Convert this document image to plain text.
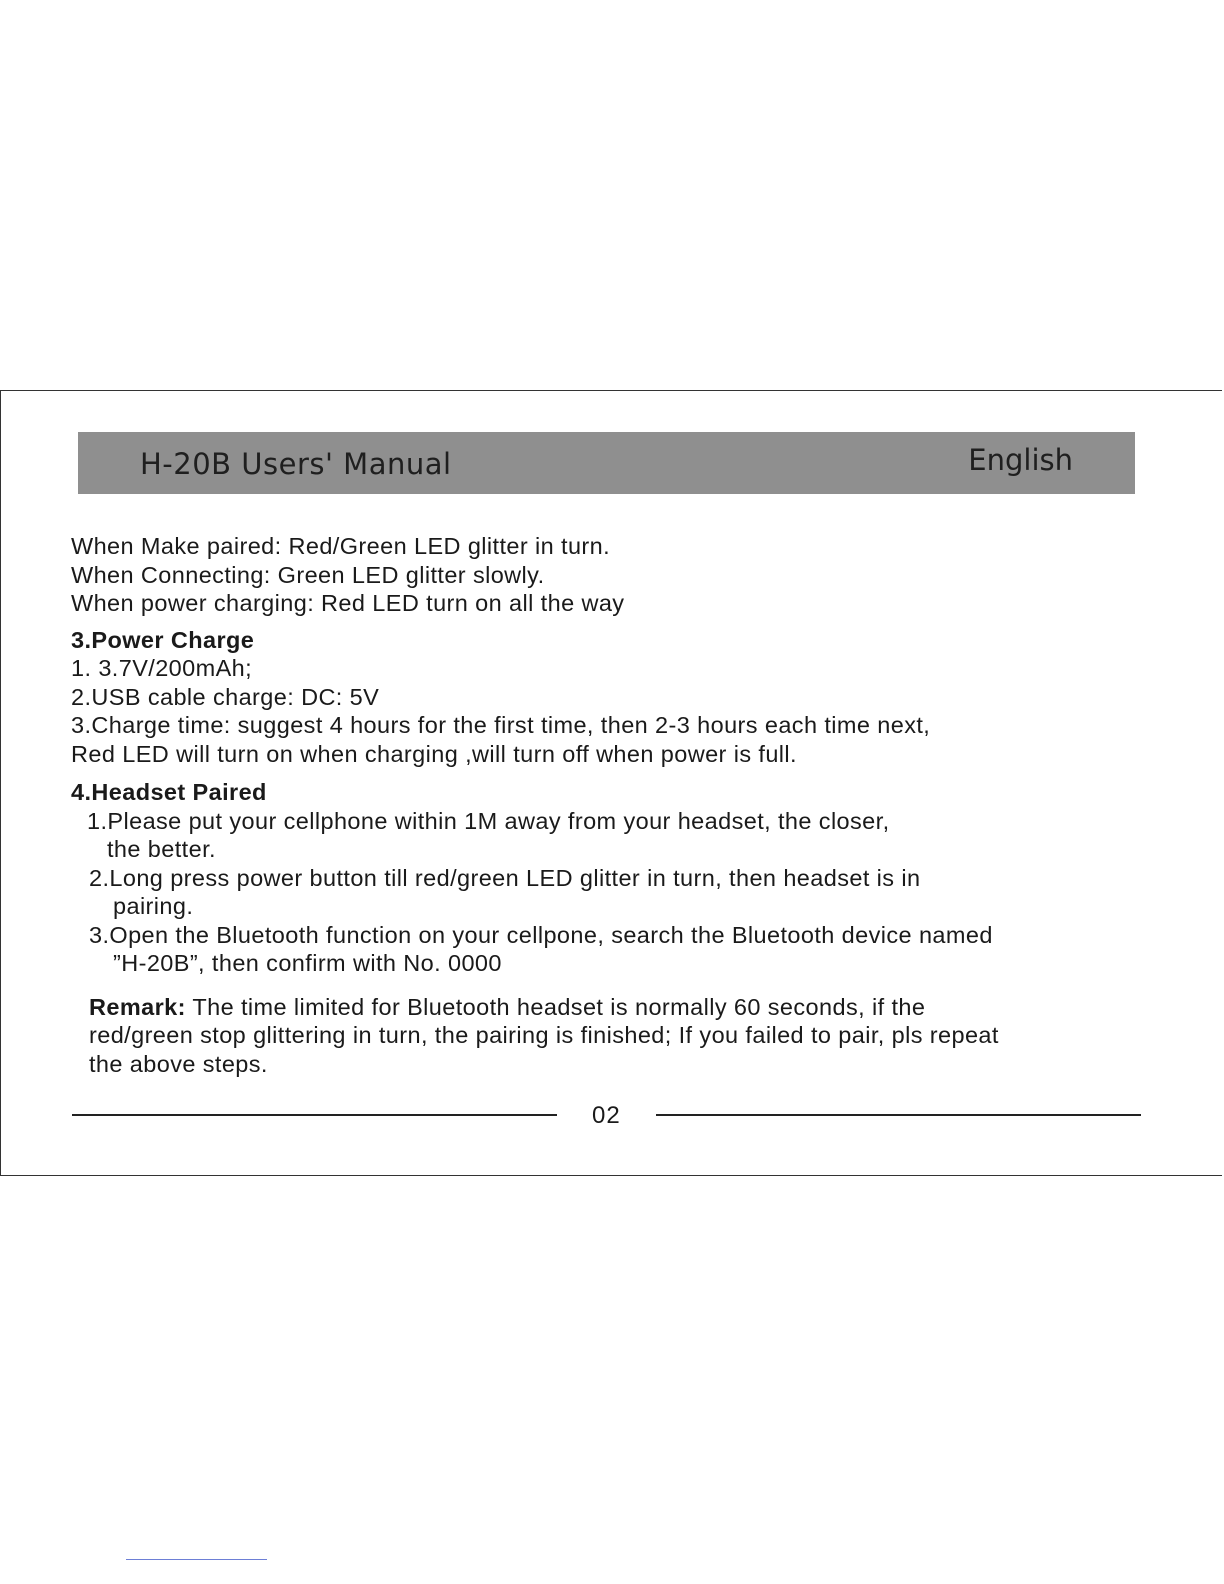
H-20B Users' Manual	English

When Make paired: Red/Green LED glitter in turn.

When Connecting: Green LED glitter slowly.

When power charging: Red LED turn on all the way

3.Power Charge

1. 3.7V/200mAh;

2.USB cable charge: DC: 5V

3.Charge time: suggest 4 hours for the first time, then 2-3 hours each time next,

Red LED will turn on when charging ,will turn off when power is full.

4.Headset Paired

1.Please put your cellphone within 1M away from your headset, the closer,

the better.

2.Long press power button till red/green LED glitter in turn, then headset is in

pairing.

3.Open the Bluetooth function on your cellpone, search the Bluetooth device named

”H-20B”, then confirm with No. 0000

Remark: The time limited for Bluetooth headset is normally 60 seconds, if the

red/green stop glittering in turn, the pairing is finished; If you failed to pair, pls repeat

the above steps.

02
